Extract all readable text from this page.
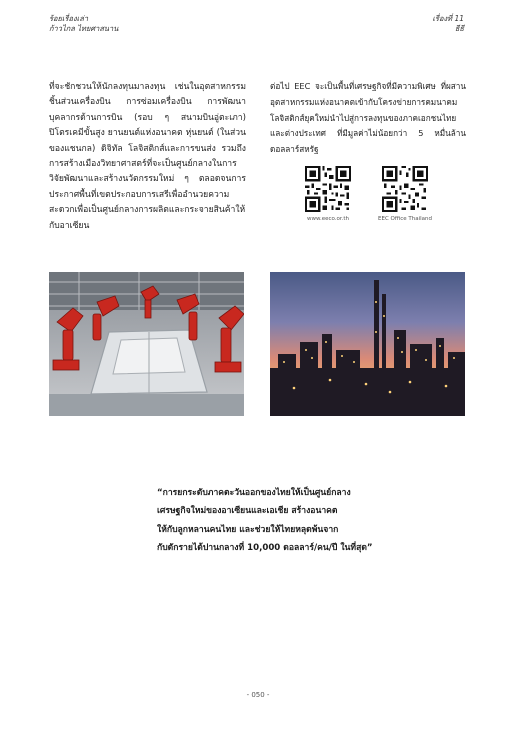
ร้อยเรื่องเล่า
ก้าวไกล ไทยศาสนาน
เรื่องที่ 11
ธีธี
ที่จะชักชวนให้นักลงทุนมาลงทุน เช่นในอุตสาหกรรมชิ้นส่วนเครื่องบิน การซ่อมเครื่องบิน การพัฒนาบุคลากรด้านการบิน (รอบ ๆ สนามบินอู่ตะเภา) ปิโตรเคมีขั้นสูง ยานยนต์แห่งอนาคต หุ่นยนต์ (ในส่วนของแชนกล) ดิจิทัล โลจิสติกส์และการขนส่ง รวมถึง การสร้างเมืองวิทยาศาสตร์ที่จะเป็นศูนย์กลางในการวิจัยพัฒนาและสร้างนวัตกรรมใหม่ ๆ ตลอดจนการประกาศพื้นที่เขตประกอบการเสรีเพื่ออำนวยความสะดวกเพื่อเป็นศูนย์กลางการผลิตและกระจายสินค้าให้กับอาเซียน
ต่อไป EEC จะเป็นพื้นที่เศรษฐกิจที่มีความพิเศษ ที่ผสานอุตสาหกรรมแห่งอนาคตเข้ากับโครงข่ายการคมนาคม โลจิสติกส์ยุคใหม่นำไปสู่การลงทุนของภาคเอกชนไทยและต่างประเทศ ที่มีมูลค่าไม่น้อยกว่า 5 หมื่นล้านดอลลาร์สหรัฐ
www.eeco.or.th	EEC Office Thailand
“การยกระดับภาคตะวันออกของไทยให้เป็นศูนย์กลาง
เศรษฐกิจใหม่ของอาเซียนและเอเชีย สร้างอนาคต
ให้กับลูกหลานคนไทย และช่วยให้ไทยหลุดพ้นจาก
กับดักรายได้ปานกลางที่ 10,000 ดอลลาร์/คน/ปี ในที่สุด”
- 050 -
